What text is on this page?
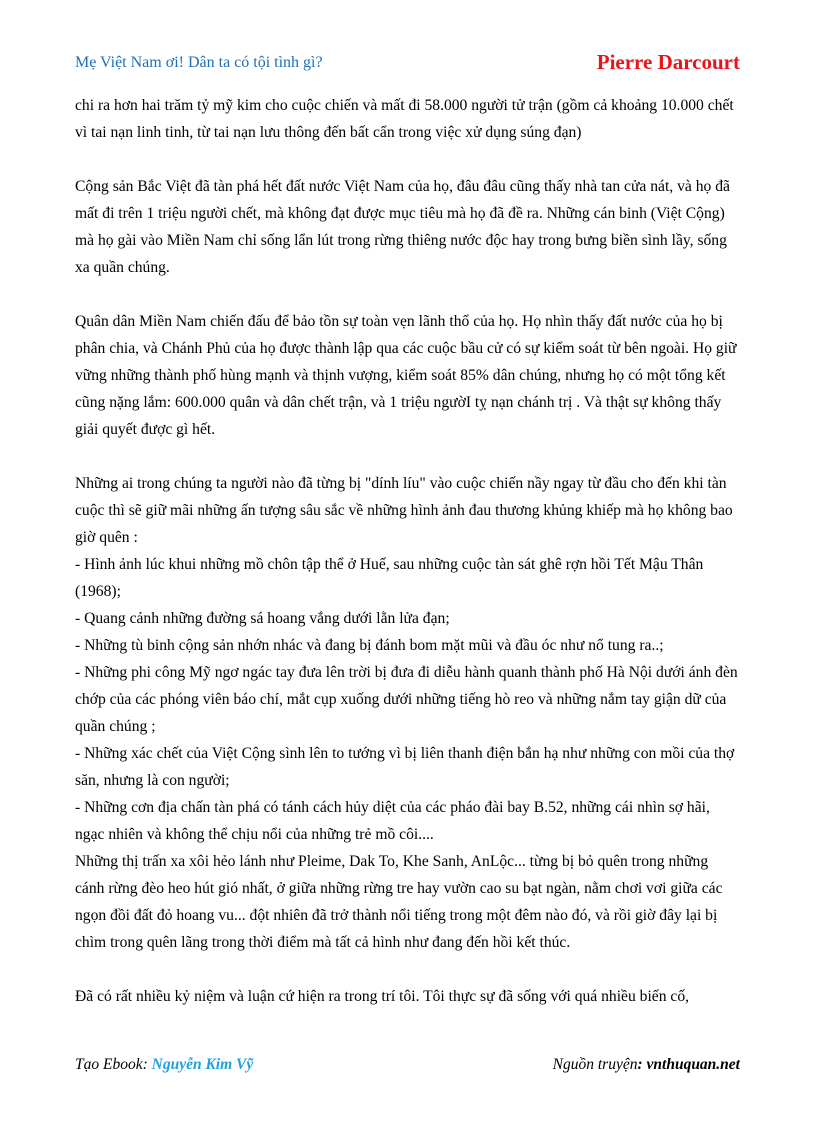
Mẹ Việt Nam ơi! Dân ta có tội tình gì?	Pierre Darcourt

chi ra hơn hai trăm tỷ mỹ kim cho cuộc chiến và mất đi 58.000 người tử trận (gồm cả khoảng 10.000 chết vì tai nạn linh tinh, từ tai nạn lưu thông đến bất cẩn trong việc xử dụng súng đạn)

Cộng sản Bắc Việt đã tàn phá hết đất nước Việt Nam của họ, đâu đâu cũng thấy nhà tan cửa nát, và họ đã mất đi trên 1 triệu người chết, mà không đạt được mục tiêu mà họ đã đề ra. Những cán binh (Việt Cộng) mà họ gài vào Miền Nam chỉ sống lẩn lút trong rừng thiêng nước độc hay trong bưng biền sình lầy, sống xa quần chúng.

Quân dân Miền Nam chiến đấu để bảo tồn sự toàn vẹn lãnh thổ của họ. Họ nhìn thấy đất nước của họ bị phân chia, và Chánh Phủ của họ được thành lập qua các cuộc bầu cử có sự kiểm soát từ bên ngoài. Họ giữ vững những thành phố hùng mạnh và thịnh vượng, kiểm soát 85% dân chúng, nhưng họ có một tổng kết cũng nặng lắm: 600.000 quân và dân chết trận, và 1 triệu ngườI tỵ nạn chánh trị . Và thật sự không thấy giải quyết được gì hết.

Những ai trong chúng ta người nào đã từng bị "dính líu" vào cuộc chiến nầy ngay từ đầu cho đến khi tàn cuộc thì sẽ giữ mãi những ấn tượng sâu sắc về những hình ảnh đau thương khủng khiếp mà họ không bao giờ quên :

- Hình ảnh lúc khui những mồ chôn tập thể ở Huế, sau những cuộc tàn sát ghê rợn hồi Tết Mậu Thân (1968);

- Quang cảnh những đường sá hoang vắng dưới lằn lửa đạn;

- Những tù binh cộng sản nhớn nhác và đang bị đánh bom mặt mũi và đầu óc như nổ tung ra..;

- Những phi công Mỹ ngơ ngác tay đưa lên trời bị đưa đi diễu hành quanh thành phố Hà Nội dưới ánh đèn chớp của các phóng viên báo chí, mắt cụp xuống dưới những tiếng hò reo và những nắm tay giận dữ của quần chúng ;

- Những xác chết của Việt Cộng sình lên to tướng vì bị liên thanh điện bắn hạ như những con mồi của thợ săn, nhưng là con người;

- Những cơn địa chấn tàn phá có tánh cách hủy diệt của các pháo đài bay B.52, những cái nhìn sợ hãi, ngạc nhiên và không thể chịu nổi của những trẻ mồ côi....

Những thị trấn xa xôi hẻo lánh như Pleime, Dak To, Khe Sanh, AnLộc... từng bị bỏ quên trong những cánh rừng đèo heo hút gió nhất, ở giữa những rừng tre hay vườn cao su bạt ngàn, nằm chơi vơi giữa các ngọn đồi đất đỏ hoang vu... đột nhiên đã trở thành nổi tiếng trong một đêm nào đó, và rồi giờ đây lại bị chìm trong quên lãng trong thời điểm mà tất cả hình như đang đến hồi kết thúc.

Đã có rất nhiều kỷ niệm và luận cứ hiện ra trong trí tôi. Tôi thực sự đã sống với quá nhiều biến cố,

Tạo Ebook: Nguyễn Kim Vỹ	Nguồn truyện: vnthuquan.net
